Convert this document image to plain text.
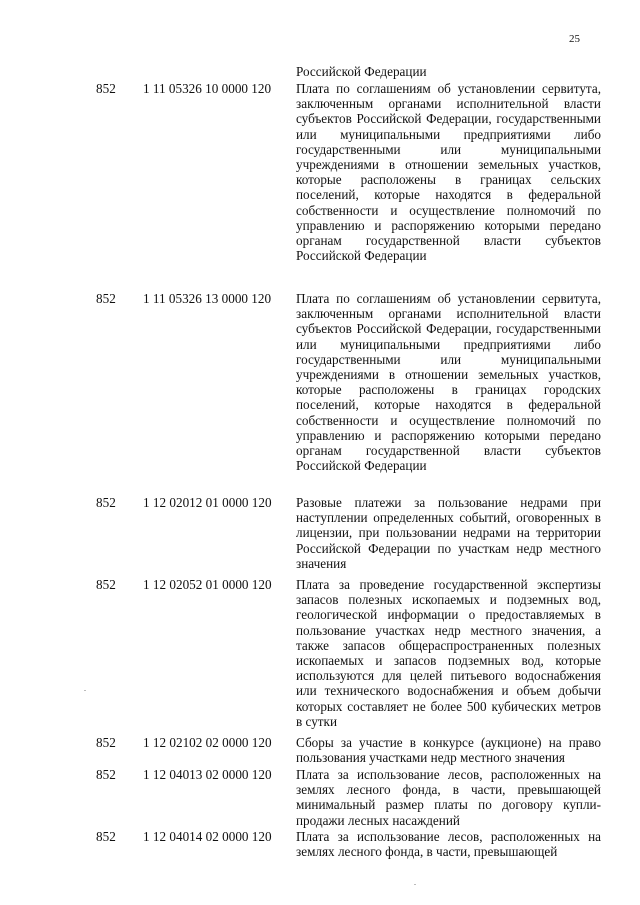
25
Российской Федерации
852 1 11 05326 10 0000 120 Плата по соглашениям об установлении сервитута, заключенным органами исполнительной власти субъектов Российской Федерации, государственными или муниципальными предприятиями либо государственными или муниципальными учреждениями в отношении земельных участков, которые расположены в границах сельских поселений, которые находятся в федеральной собственности и осуществление полномочий по управлению и распоряжению которыми передано органам государственной власти субъектов Российской Федерации
852 1 11 05326 13 0000 120 Плата по соглашениям об установлении сервитута, заключенным органами исполнительной власти субъектов Российской Федерации, государственными или муниципальными предприятиями либо государственными или муниципальными учреждениями в отношении земельных участков, которые расположены в границах городских поселений, которые находятся в федеральной собственности и осуществление полномочий по управлению и распоряжению которыми передано органам государственной власти субъектов Российской Федерации
852 1 12 02012 01 0000 120 Разовые платежи за пользование недрами при наступлении определенных событий, оговоренных в лицензии, при пользовании недрами на территории Российской Федерации по участкам недр местного значения
852 1 12 02052 01 0000 120 Плата за проведение государственной экспертизы запасов полезных ископаемых и подземных вод, геологической информации о предоставляемых в пользование участках недр местного значения, а также запасов общераспространенных полезных ископаемых и запасов подземных вод, которые используются для целей питьевого водоснабжения или технического водоснабжения и объем добычи которых составляет не более 500 кубических метров в сутки
852 1 12 02102 02 0000 120 Сборы за участие в конкурсе (аукционе) на право пользования участками недр местного значения
852 1 12 04013 02 0000 120 Плата за использование лесов, расположенных на землях лесного фонда, в части, превышающей минимальный размер платы по договору купли-продажи лесных насаждений
852 1 12 04014 02 0000 120 Плата за использование лесов, расположенных на землях лесного фонда, в части, превышающей
